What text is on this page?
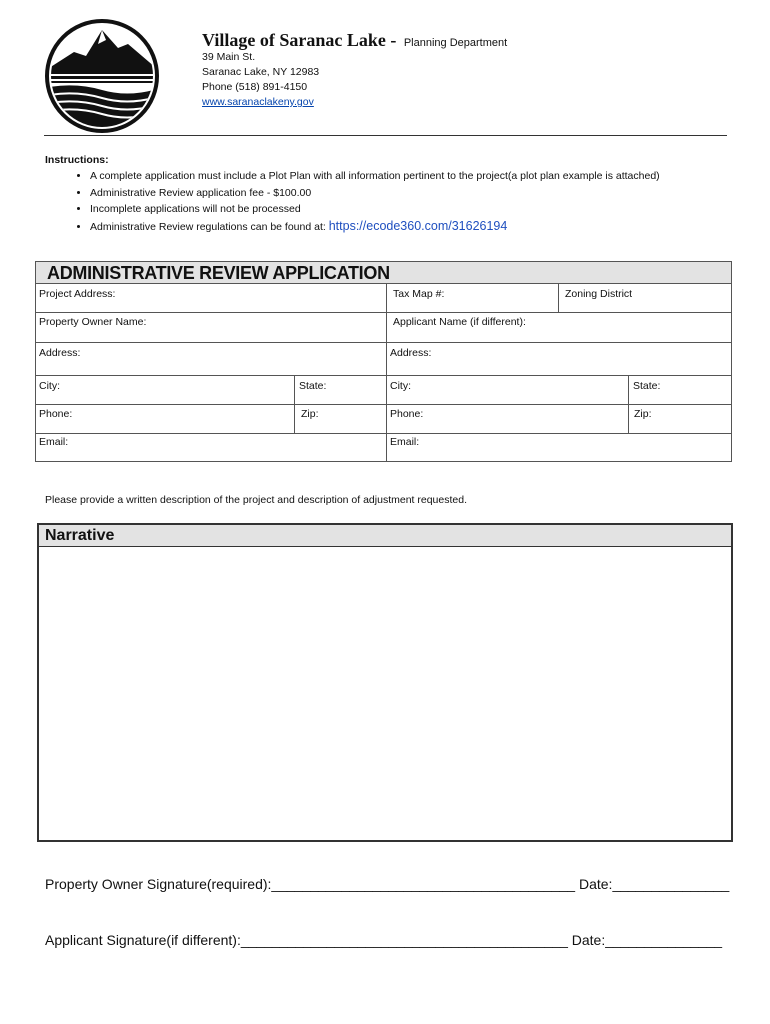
Village of Saranac Lake - Planning Department
39 Main St.
Saranac Lake, NY 12983
Phone (518) 891-4150
www.saranaclakeny.gov
Instructions:
• A complete application must include a Plot Plan with all information pertinent to the project(a plot plan example is attached)
• Administrative Review application fee - $100.00
• Incomplete applications will not be processed
• Administrative Review regulations can be found at: https://ecode360.com/31626194
ADMINISTRATIVE REVIEW APPLICATION
Project Address:	Tax Map #:	Zoning District
Property Owner Name:	Applicant Name (if different):
Address:	Address:
City:	State:	City:	State:
Phone:	Zip:	Phone:	Zip:
Email:	Email:
Please provide a written description of the project and description of adjustment requested.
Narrative
Property Owner Signature(required):_______________________________________ Date:_______________
Applicant Signature(if different):__________________________________________ Date:_______________
